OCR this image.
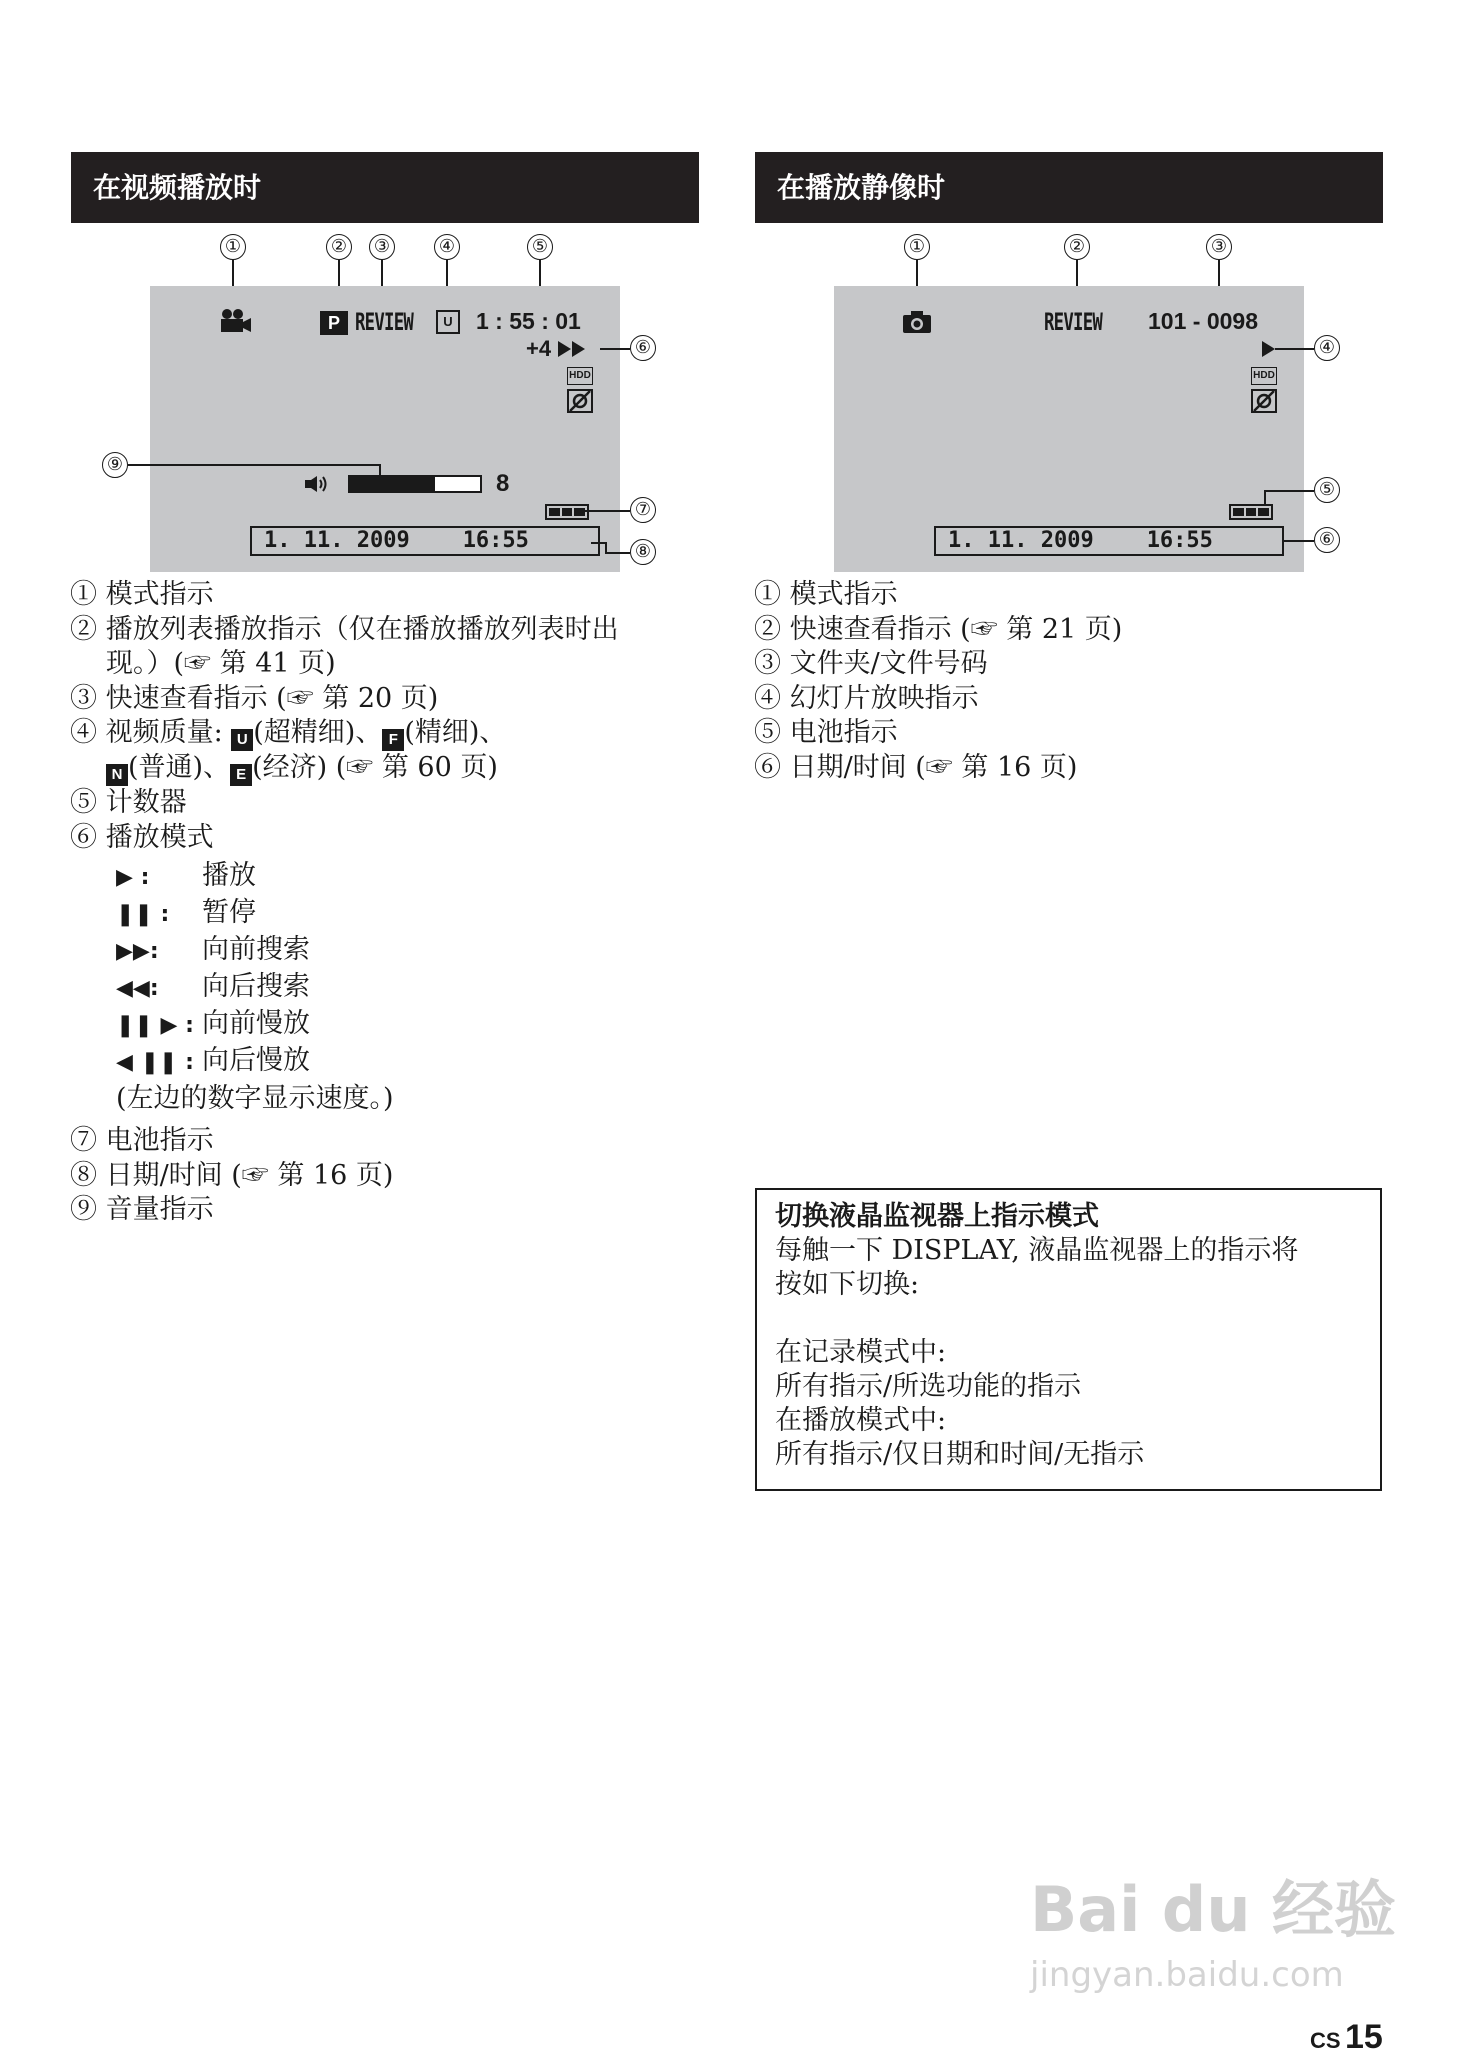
在视频播放时
①	② ③	④	⑤
P REVIEW	U	1 : 55 : 01
+4
HDD
8
1. 11. 2009 16:55
⑥
⑦
⑧
⑨
① 模式指示
② 播放列表播放指示（仅在播放播放列表时出
现。）(☞ 第 41 页)
③ 快速查看指示 (☞ 第 20 页)
④ 视频质量: U (超精细)、 F (精细)、
N (普通)、 E (经济) (☞ 第 60 页)
⑤ 计数器
⑥ 播放模式
▶ : 播放
❚❚ : 暂停
▶▶: 向前搜索
◀◀: 向后搜索
❚❚ ▶ : 向前慢放
◀ ❚❚ : 向后慢放
(左边的数字显示速度。)
⑦ 电池指示
⑧ 日期/时间 (☞ 第 16 页)
⑨ 音量指示
在播放静像时
①	②	③
REVIEW 101 - 0098
HDD
1. 11. 2009 16:55
④
⑤
⑥
① 模式指示
② 快速查看指示 (☞ 第 21 页)
③ 文件夹/文件号码
④ 幻灯片放映指示
⑤ 电池指示
⑥ 日期/时间 (☞ 第 16 页)
切换液晶监视器上指示模式
每触一下 DISPLAY, 液晶监视器上的指示将
按如下切换:
在记录模式中:
所有指示/所选功能的指示
在播放模式中:
所有指示/仅日期和时间/无指示
Bai du 经验
jingyan.baidu.com
CS 15
